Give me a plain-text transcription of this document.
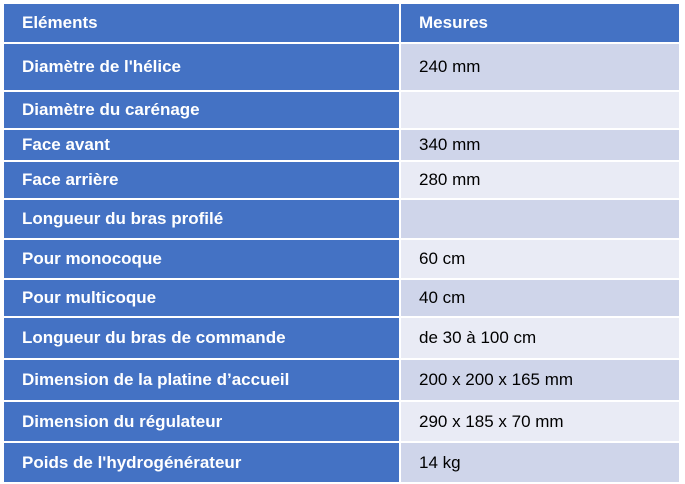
Eléments	Mesures
Diamètre de l'hélice	240 mm
Diamètre du carénage	
Face avant	340 mm
Face arrière	280 mm
Longueur du bras profilé	
Pour monocoque	60 cm
Pour multicoque	40 cm
Longueur du bras de commande	de 30 à 100 cm
Dimension de la platine d’accueil	200 x 200 x 165 mm
Dimension du régulateur	290 x 185 x 70 mm
Poids de l'hydrogénérateur	14 kg
